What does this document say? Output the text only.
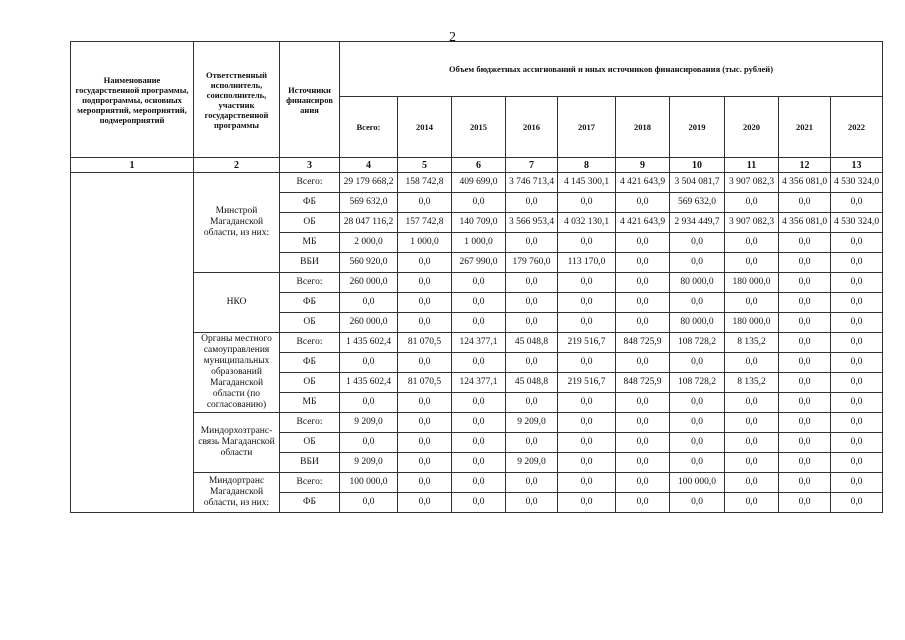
2
Наименование государственной программы, подпрограммы, основных мероприятий, мероприятий, подмероприятий	Ответственный исполнитель, соисполнитель, участник государственной программы	Источники финансиров ания	Объем бюджетных ассигнований и иных источников финансирования (тыс. рублей)									
			Всего:	2014	2015	2016	2017	2018	2019	2020	2021	2022
1	2	3	4	5	6	7	8	9	10	11	12	13
	Минстрой Магаданской области, из них:	Всего:	29 179 668,2	158 742,8	409 699,0	3 746 713,4	4 145 300,1	4 421 643,9	3 504 081,7	3 907 082,3	4 356 081,0	4 530 324,0
		ФБ	569 632,0	0,0	0,0	0,0	0,0	0,0	569 632,0	0,0	0,0	0,0
		ОБ	28 047 116,2	157 742,8	140 709,0	3 566 953,4	4 032 130,1	4 421 643,9	2 934 449,7	3 907 082,3	4 356 081,0	4 530 324,0
		МБ	2 000,0	1 000,0	1 000,0	0,0	0,0	0,0	0,0	0,0	0,0	0,0
		ВБИ	560 920,0	0,0	267 990,0	179 760,0	113 170,0	0,0	0,0	0,0	0,0	0,0
	НКО	Всего:	260 000,0	0,0	0,0	0,0	0,0	0,0	80 000,0	180 000,0	0,0	0,0
		ФБ	0,0	0,0	0,0	0,0	0,0	0,0	0,0	0,0	0,0	0,0
		ОБ	260 000,0	0,0	0,0	0,0	0,0	0,0	80 000,0	180 000,0	0,0	0,0
	Органы местного самоуправления муниципальных образований Магаданской области (по согласованию)	Всего:	1 435 602,4	81 070,5	124 377,1	45 048,8	219 516,7	848 725,9	108 728,2	8 135,2	0,0	0,0
		ФБ	0,0	0,0	0,0	0,0	0,0	0,0	0,0	0,0	0,0	0,0
		ОБ	1 435 602,4	81 070,5	124 377,1	45 048,8	219 516,7	848 725,9	108 728,2	8 135,2	0,0	0,0
		МБ	0,0	0,0	0,0	0,0	0,0	0,0	0,0	0,0	0,0	0,0
	Миндорхозтранс- связь Магаданской области	Всего:	9 209,0	0,0	0,0	9 209,0	0,0	0,0	0,0	0,0	0,0	0,0
		ОБ	0,0	0,0	0,0	0,0	0,0	0,0	0,0	0,0	0,0	0,0
		ВБИ	9 209,0	0,0	0,0	9 209,0	0,0	0,0	0,0	0,0	0,0	0,0
	Миндортранс Магаданской области, из них:	Всего:	100 000,0	0,0	0,0	0,0	0,0	0,0	100 000,0	0,0	0,0	0,0
		ФБ	0,0	0,0	0,0	0,0	0,0	0,0	0,0	0,0	0,0	0,0
